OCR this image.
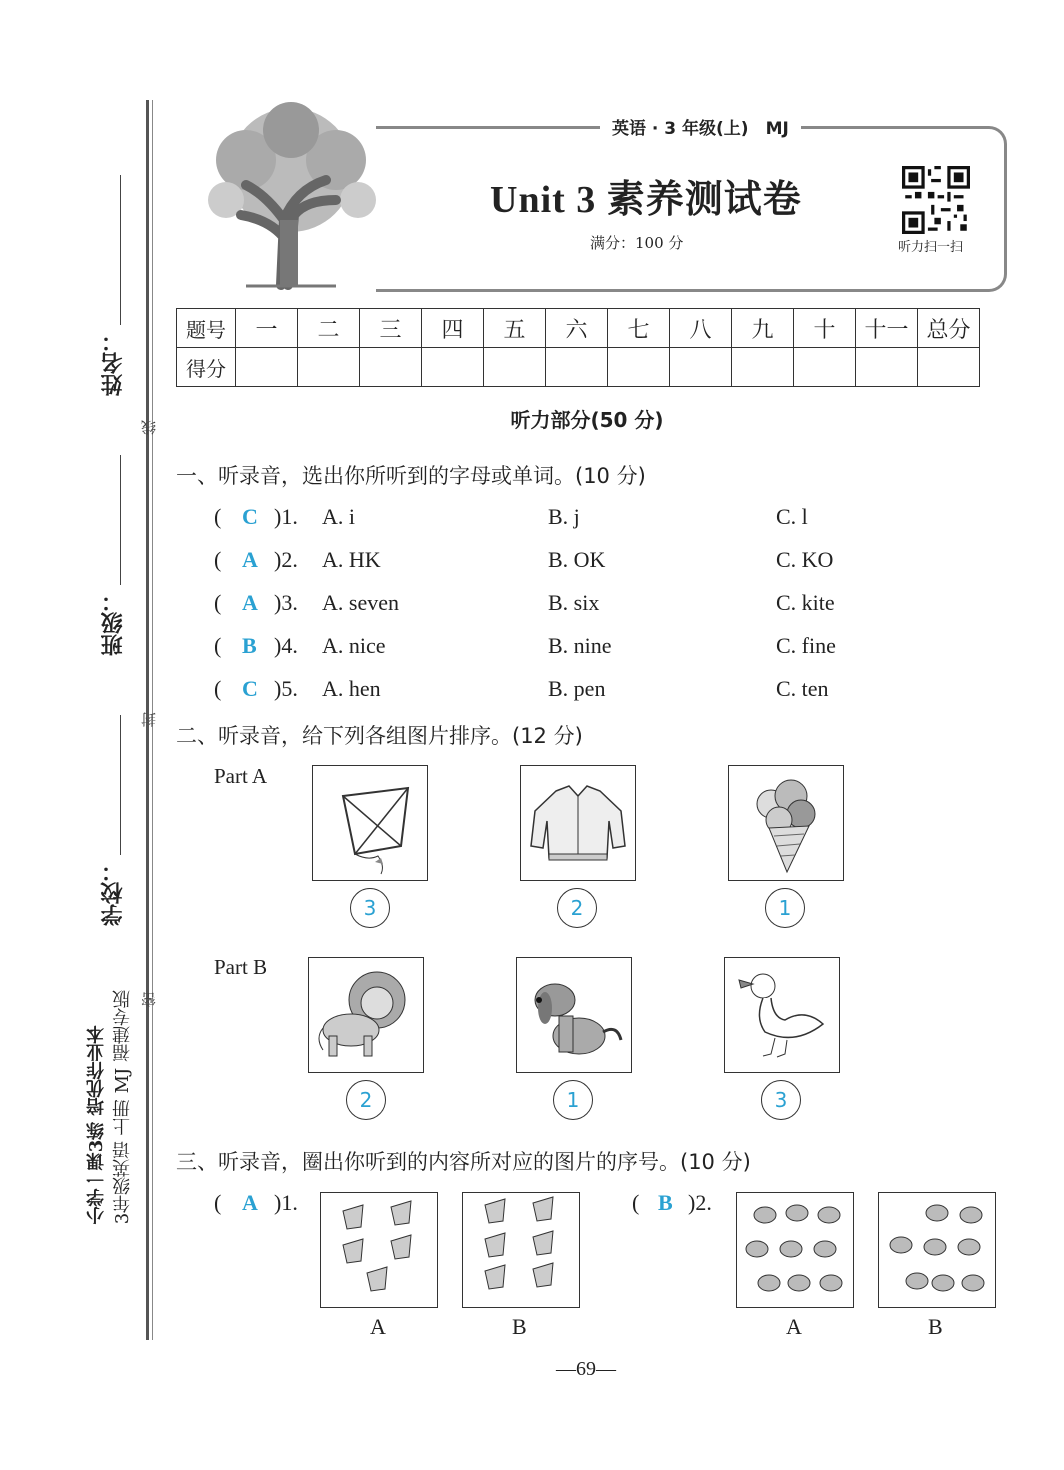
姓名：
线
班级：
封
学校：
密
小学一课3练 培优作业本 3年级英语 上册 MJ 福建专版
英语 · 3 年级(上)　MJ
Unit 3 素养测试卷
满分：100 分	听力扫一扫
题号	一	二	三	四	五	六	七	八	九	十	十一	总分
得分												
听力部分(50 分)
一、听录音，选出你所听到的字母或单词。(10 分)
( C )1. A. i	B. j	C. l
( A )2. A. HK	B. OK	C. KO
( A )3. A. seven	B. six	C. kite
( B )4. A. nice	B. nine	C. fine
( C )5. A. hen	B. pen	C. ten
二、听录音，给下列各组图片排序。(12 分)
Part A
3	2	1
Part B
2	1	3
三、听录音，圈出你听到的内容所对应的图片的序号。(10 分)
( A )1.	( B )2.
A	B	A	B
—69—
